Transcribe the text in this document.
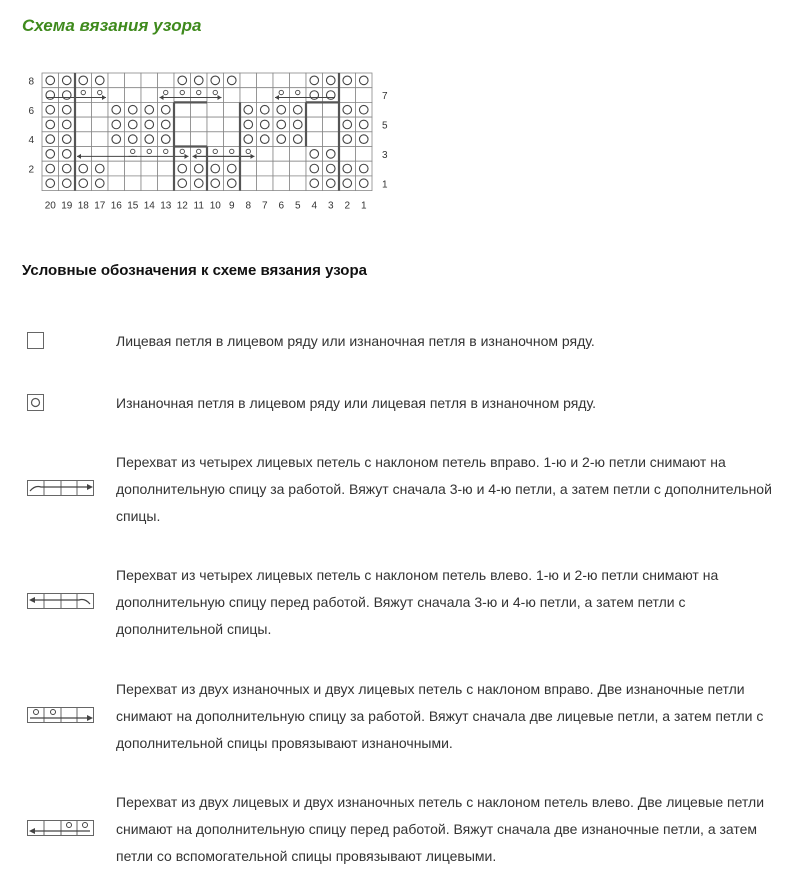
Схема вязания узора
20 19 18 17 16 15 14 13 12 11 10 9 8 7 6 5 4 3 2 1
8
6
4
2
7
5
3
1
Условные обозначения к схеме вязания узора
Лицевая петля в лицевом ряду или изнаночная петля в изнаночном ряду.
Изнаночная петля в лицевом ряду или лицевая петля в изнаночном ряду.
Перехват из четырех лицевых петель с наклоном петель вправо. 1-ю и 2-ю петли снимают на дополнительную спицу за работой. Вяжут сначала 3-ю и 4-ю петли, а затем петли с дополнительной спицы.
Перехват из четырех лицевых петель с наклоном петель влево. 1-ю и 2-ю петли снимают на дополнительную спицу перед работой. Вяжут сначала 3-ю и 4-ю петли, а затем петли с дополнительной спицы.
Перехват из двух изнаночных и двух лицевых петель с наклоном вправо. Две изнаночные петли снимают на дополнительную спицу за работой. Вяжут сначала две лицевые петли, а затем петли с дополнительной спицы провязывают изнаночными.
Перехват из двух лицевых и двух изнаночных петель с наклоном петель влево. Две лицевые петли снимают на дополнительную спицу перед работой. Вяжут сначала две изнаночные петли, а затем петли со вспомогательной спицы провязывают лицевыми.
